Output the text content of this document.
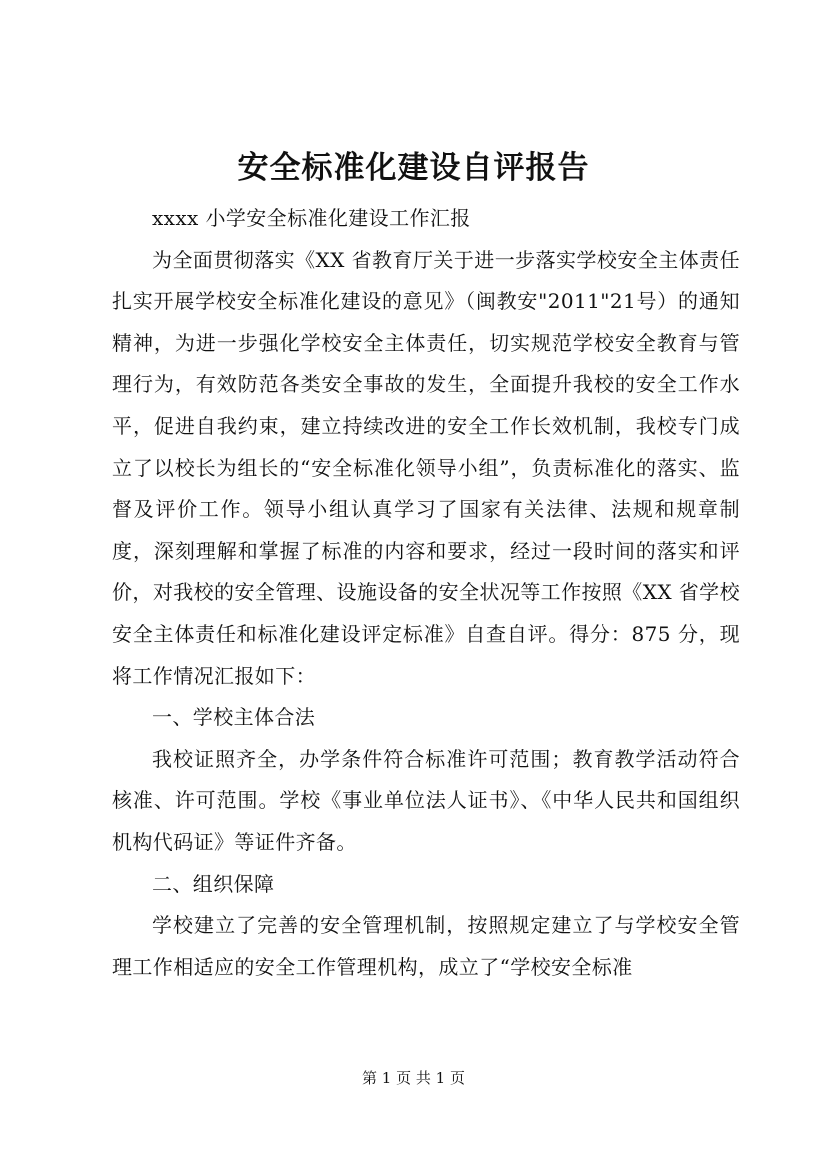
安全标准化建设自评报告

xxxx 小学安全标准化建设工作汇报

为全面贯彻落实《XX 省教育厅关于进一步落实学校安全主体责任扎实开展学校安全标准化建设的意见》（闽教安"2011"21号）的通知精神，为进一步强化学校安全主体责任，切实规范学校安全教育与管理行为，有效防范各类安全事故的发生，全面提升我校的安全工作水平，促进自我约束，建立持续改进的安全工作长效机制，我校专门成立了以校长为组长的“安全标准化领导小组”，负责标准化的落实、监督及评价工作。领导小组认真学习了国家有关法律、法规和规章制度，深刻理解和掌握了标准的内容和要求，经过一段时间的落实和评价，对我校的安全管理、设施设备的安全状况等工作按照《XX 省学校安全主体责任和标准化建设评定标准》自查自评。得分：875 分，现将工作情况汇报如下：

一、学校主体合法

我校证照齐全，办学条件符合标准许可范围；教育教学活动符合核准、许可范围。学校《事业单位法人证书》、《中华人民共和国组织机构代码证》等证件齐备。

二、组织保障

学校建立了完善的安全管理机制，按照规定建立了与学校安全管理工作相适应的安全工作管理机构，成立了“学校安全标准

第 1 页 共 1 页
